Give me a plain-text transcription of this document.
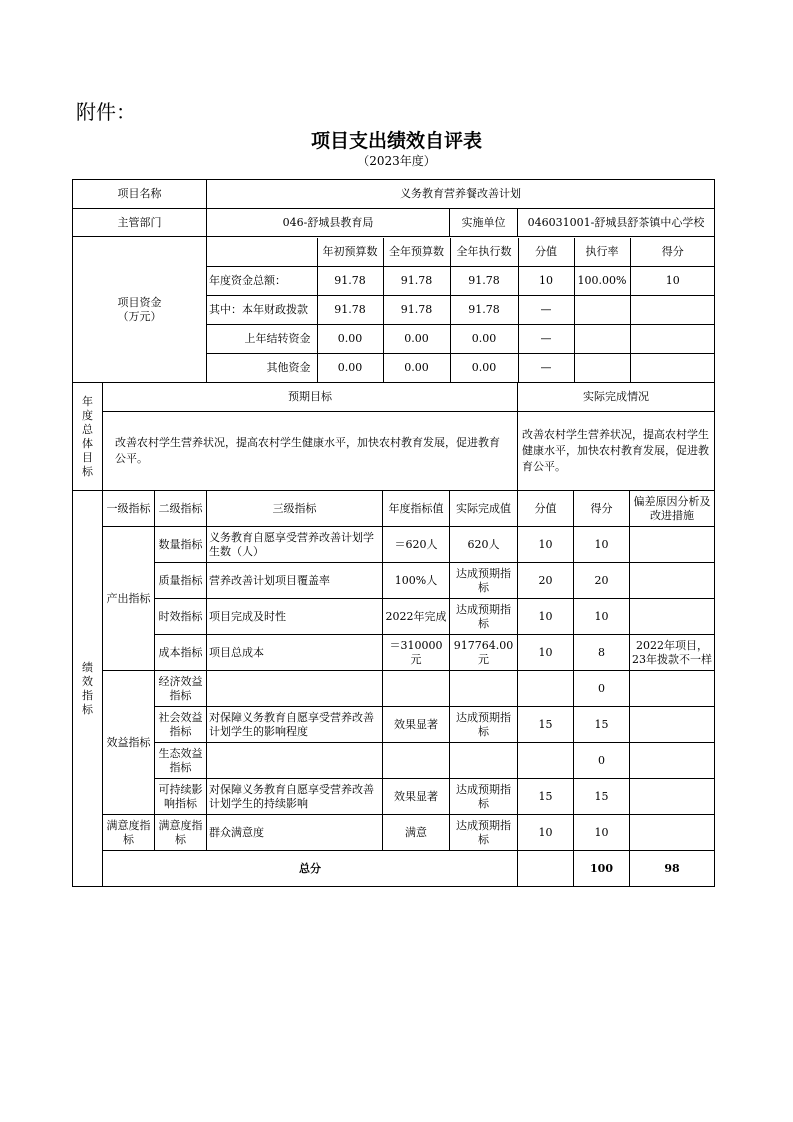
附件：
项目支出绩效自评表
（2023年度）
项目名称	义务教育营养餐改善计划
主管部门	046-舒城县教育局	实施单位	046031001-舒城县舒茶镇中心学校
项目资金
（万元）	
	年初预算数	全年预算数	全年执行数	分值	执行率	得分
年度资金总额：	91.78	91.78	91.78	10	100.00%	10
其中：本年财政拨款	91.78	91.78	91.78	—		
上年结转资金	0.00	0.00	0.00	—		
其他资金	0.00	0.00	0.00	—		

年
度
总
体
目
标	预期目标	实际完成情况
改善农村学生营养状况，提高农村学生健康水平，加快农村教育发展，促进教育公平。	改善农村学生营养状况，提高农村学生健康水平，加快农村教育发展，促进教育公平。
绩
效
指
标	一级指标	二级指标	三级指标	年度指标值	实际完成值	分值	得分	偏差原因分析及改进措施
产出指标	数量指标	义务教育自愿享受营养改善计划学生数（人）	＝620人	620人	10	10	
质量指标	营养改善计划项目覆盖率	100%人	达成预期指标	20	20	
时效指标	项目完成及时性	2022年完成	达成预期指标	10	10	
成本指标	项目总成本	＝310000元	917764.00元	10	8	2022年项目，23年拨款不一样
效益指标	经济效益指标					0	
社会效益指标	对保障义务教育自愿享受营养改善计划学生的影响程度	效果显著	达成预期指标	15	15	
生态效益指标					0	
可持续影响指标	对保障义务教育自愿享受营养改善计划学生的持续影响	效果显著	达成预期指标	15	15	
满意度指标	满意度指标	群众满意度	满意	达成预期指标	10	10	
总分		100	98	
